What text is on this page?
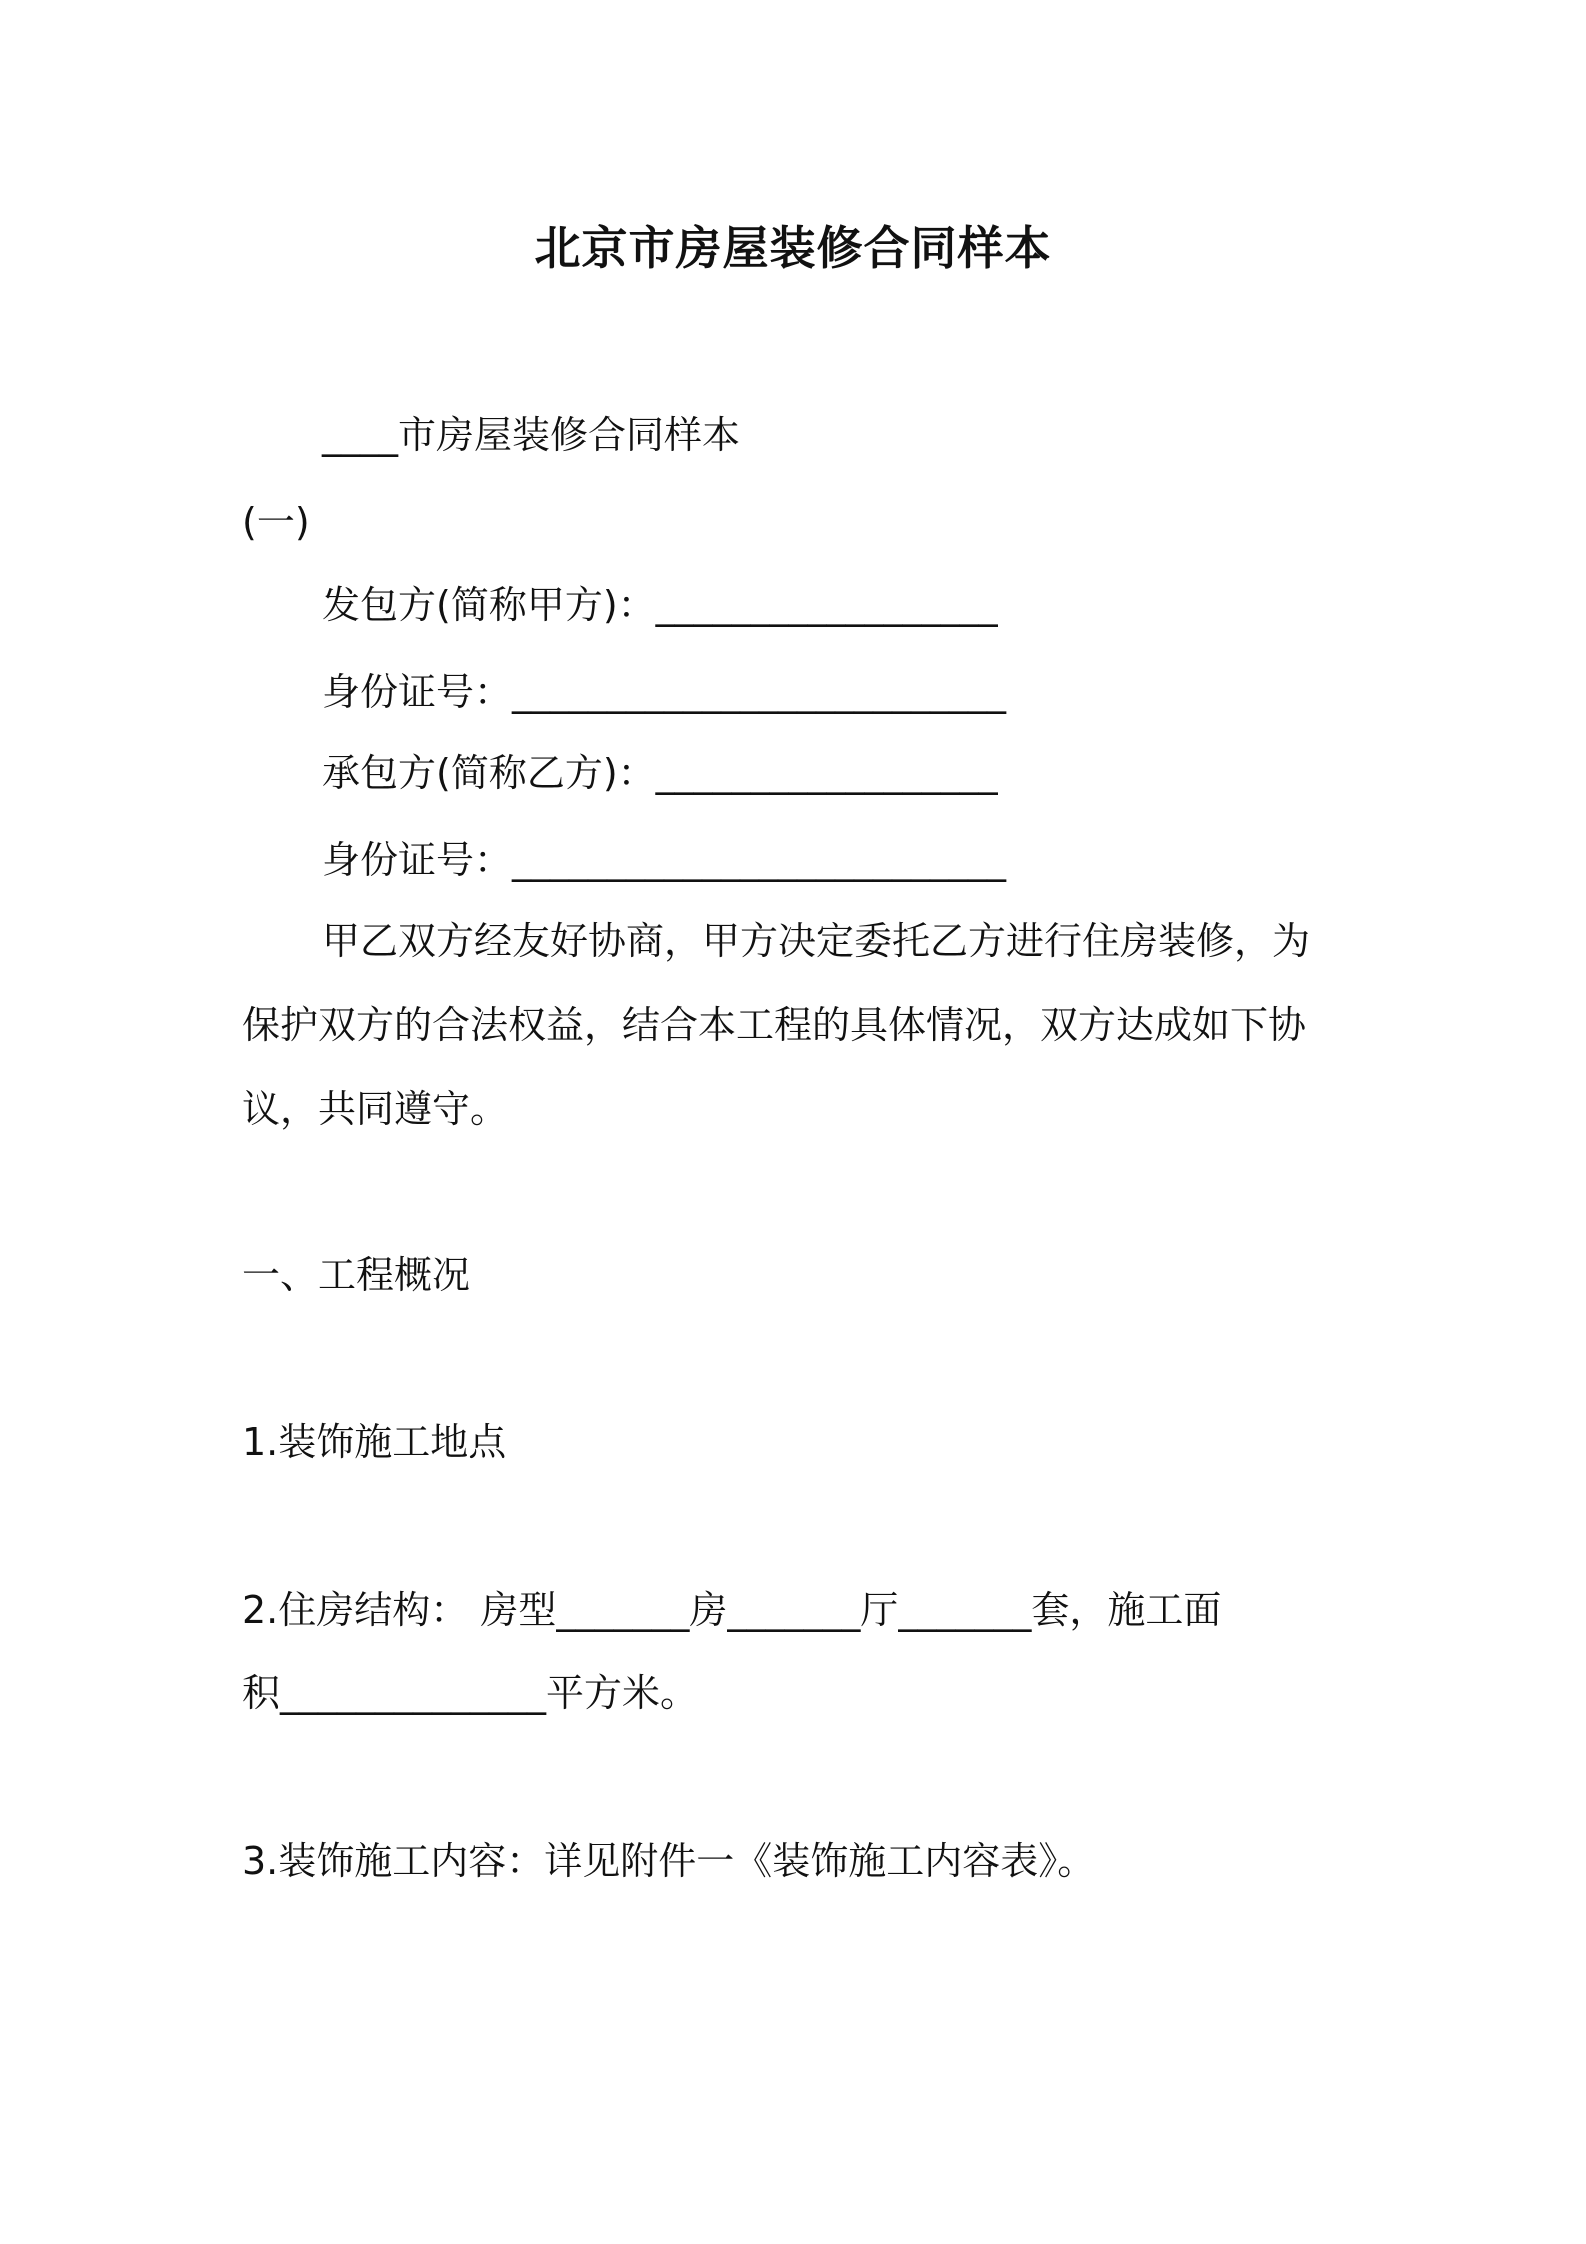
北京市房屋装修合同样本
____市房屋装修合同样本
(一)
发包方(简称甲方)：__________________
身份证号：__________________________
承包方(简称乙方)：__________________
身份证号：__________________________
甲乙双方经友好协商，甲方决定委托乙方进行住房装修，为
保护双方的合法权益，结合本工程的具体情况，双方达成如下协
议，共同遵守。
一、工程概况
1.装饰施工地点
2.住房结构： 房型_______房_______厅_______套，施工面
积______________平方米。
3.装饰施工内容：详见附件一《装饰施工内容表》。
